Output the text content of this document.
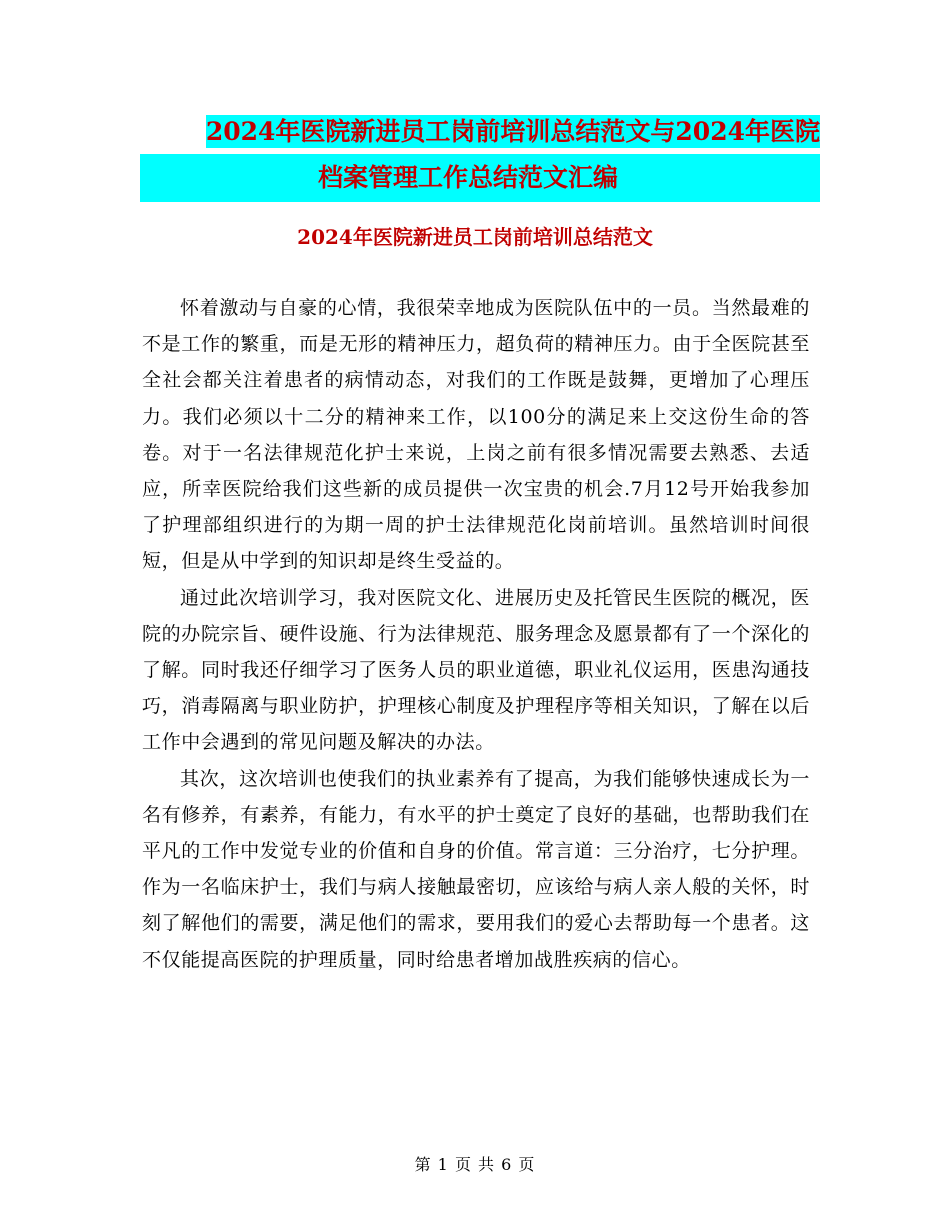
2024年医院新进员工岗前培训总结范文与2024年医院
档案管理工作总结范文汇编
2024年医院新进员工岗前培训总结范文

怀着激动与自豪的心情，我很荣幸地成为医院队伍中的一员。当然最难的不是工作的繁重，而是无形的精神压力，超负荷的精神压力。由于全医院甚至全社会都关注着患者的病情动态，对我们的工作既是鼓舞，更增加了心理压力。我们必须以十二分的精神来工作，以100分的满足来上交这份生命的答卷。对于一名法律规范化护士来说，上岗之前有很多情况需要去熟悉、去适应，所幸医院给我们这些新的成员提供一次宝贵的机会.7月12号开始我参加了护理部组织进行的为期一周的护士法律规范化岗前培训。虽然培训时间很短，但是从中学到的知识却是终生受益的。

通过此次培训学习，我对医院文化、进展历史及托管民生医院的概况，医院的办院宗旨、硬件设施、行为法律规范、服务理念及愿景都有了一个深化的了解。同时我还仔细学习了医务人员的职业道德，职业礼仪运用，医患沟通技巧，消毒隔离与职业防护，护理核心制度及护理程序等相关知识，了解在以后工作中会遇到的常见问题及解决的办法。

其次，这次培训也使我们的执业素养有了提高，为我们能够快速成长为一名有修养，有素养，有能力，有水平的护士奠定了良好的基础，也帮助我们在平凡的工作中发觉专业的价值和自身的价值。常言道：三分治疗，七分护理。作为一名临床护士，我们与病人接触最密切，应该给与病人亲人般的关怀，时刻了解他们的需要，满足他们的需求，要用我们的爱心去帮助每一个患者。这不仅能提高医院的护理质量，同时给患者增加战胜疾病的信心。

第 1 页 共 6 页
